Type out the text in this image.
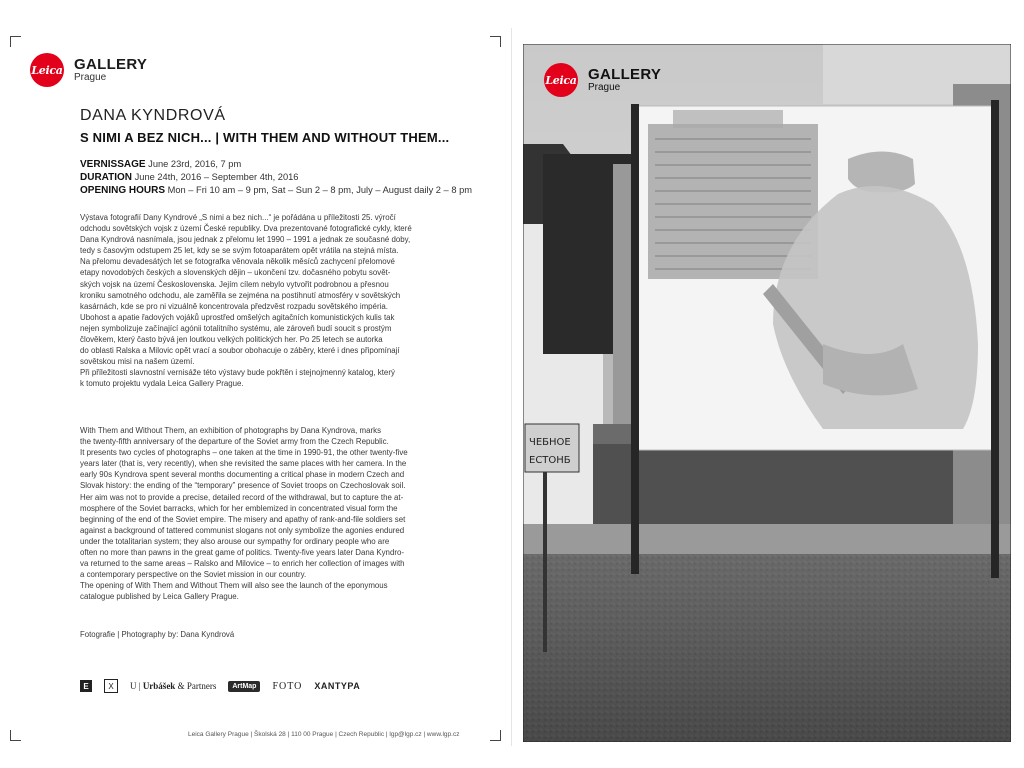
Leica GALLERY
Prague
DANA KYNDROVÁ
S NIMI A BEZ NICH... | WITH THEM AND WITHOUT THEM...
VERNISSAGE June 23rd, 2016, 7 pm
DURATION June 24th, 2016 – September 4th, 2016
OPENING HOURS Mon – Fri 10 am – 9 pm, Sat – Sun 2 – 8 pm, July – August daily 2 – 8 pm

Výstava fotografií Dany Kyndrové „S nimi a bez nich...“ je pořádána u příležitosti 25. výročí
odchodu sovětských vojsk z území České republiky. Dva prezentované fotografické cykly, které
Dana Kyndrová nasnímala, jsou jednak z přelomu let 1990 – 1991 a jednak ze současné doby,
tedy s časovým odstupem 25 let, kdy se se svým fotoaparátem opět vrátila na stejná místa.
Na přelomu devadesátých let se fotografka věnovala několik měsíců zachycení přelomové
etapy novodobých českých a slovenských dějin – ukončení tzv. dočasného pobytu sovět-
ských vojsk na území Československa. Jejím cílem nebylo vytvořit podrobnou a přesnou
kroniku samotného odchodu, ale zaměřila se zejména na postihnutí atmosféry v sovětských
kasárnách, kde se pro ni vizuálně koncentrovala předzvěst rozpadu sovětského impéria.
Ubohost a apatie řadových vojáků uprostřed omšelých agitačních komunistických kulis tak
nejen symbolizuje začínající agónii totalitního systému, ale zároveň budí soucit s prostým
člověkem, který často bývá jen loutkou velkých politických her. Po 25 letech se autorka
do oblasti Ralska a Milovic opět vrací a soubor obohacuje o záběry, které i dnes připomínají
sovětskou misi na našem území.
Při příležitosti slavnostní vernisáže této výstavy bude pokřtěn i stejnojmenný katalog, který
k tomuto projektu vydala Leica Gallery Prague.

With Them and Without Them, an exhibition of photographs by Dana Kyndrova, marks
the twenty-fifth anniversary of the departure of the Soviet army from the Czech Republic.
It presents two cycles of photographs – one taken at the time in 1990-91, the other twenty-five
years later (that is, very recently), when she revisited the same places with her camera. In the
early 90s Kyndrova spent several months documenting a critical phase in modern Czech and
Slovak history: the ending of the “temporary” presence of Soviet troops on Czechoslovak soil.
Her aim was not to provide a precise, detailed record of the withdrawal, but to capture the at-
mosphere of the Soviet barracks, which for her emblemized in concentrated visual form the
beginning of the end of the Soviet empire. The misery and apathy of rank-and-file soldiers set
against a background of tattered communist slogans not only symbolize the agonies endured
under the totalitarian system; they also arouse our sympathy for ordinary people who are
often no more than pawns in the great game of politics. Twenty-five years later Dana Kyndro-
va returned to the same areas – Ralsko and Milovice – to enrich her collection of images with
a contemporary perspective on the Soviet mission in our country.
The opening of With Them and Without Them will also see the launch of the eponymous
catalogue published by Leica Gallery Prague.

Fotografie | Photography by: Dana Kyndrová
E	X	U | Urbášek & Partners	ArtMap	FOTO XANTYPA
Leica Gallery Prague | Školská 28 | 110 00 Prague | Czech Republic | lgp@lgp.cz | www.lgp.cz
ЧЕБНОЕ
ЕСТОНБ
Leica GALLERY
Prague
